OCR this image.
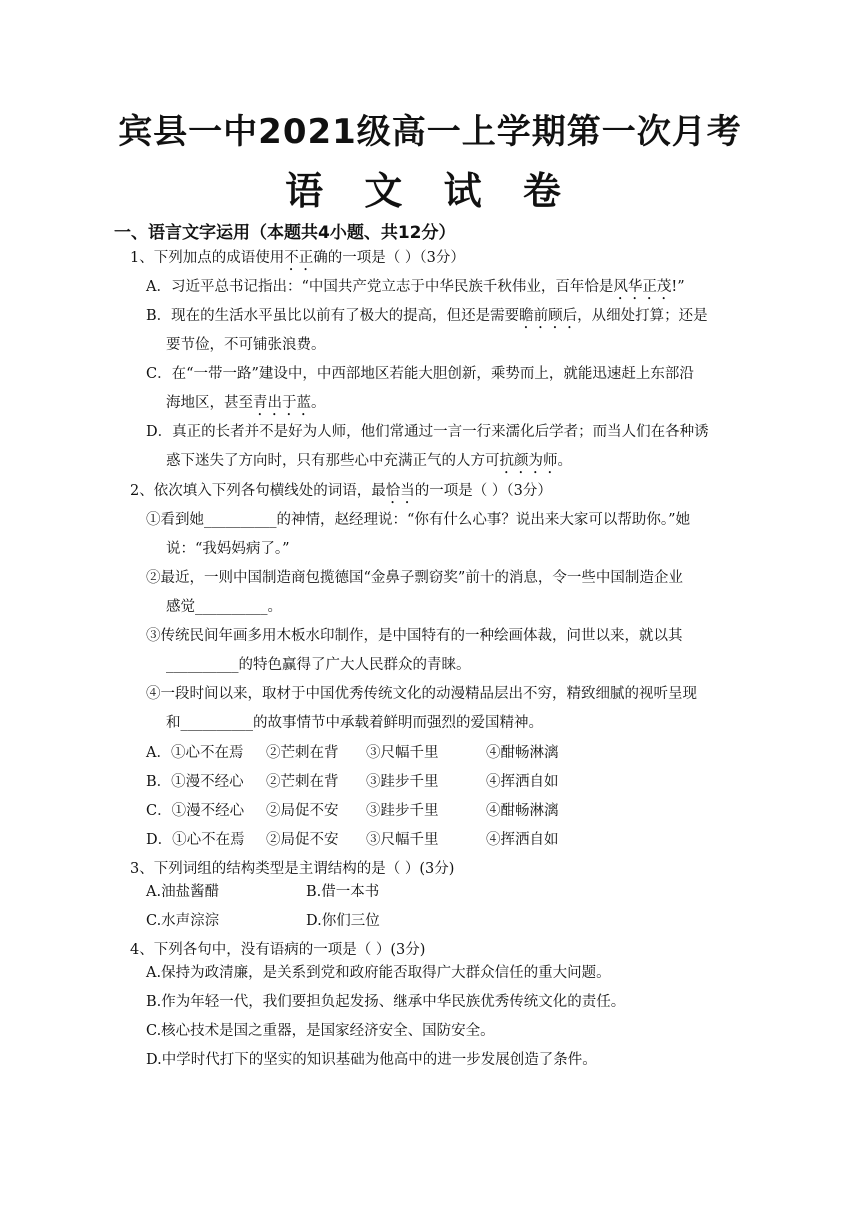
宾县一中2021级高一上学期第一次月考
语 文 试 卷
一、语言文字运用（本题共4小题、共12分）
1、下列加点的成语使用不正确的一项是（ ）（3分）
A．习近平总书记指出：“中国共产党立志于中华民族千秋伟业，百年恰是风华正茂!”
B．现在的生活水平虽比以前有了极大的提高，但还是需要瞻前顾后，从细处打算；还是
要节俭，不可铺张浪费。
C．在“一带一路”建设中，中西部地区若能大胆创新，乘势而上，就能迅速赶上东部沿
海地区，甚至青出于蓝。
D．真正的长者并不是好为人师，他们常通过一言一行来濡化后学者；而当人们在各种诱
惑下迷失了方向时，只有那些心中充满正气的人方可抗颜为师。
2、依次填入下列各句横线处的词语，最恰当的一项是（ ）（3分）
①看到她__________的神情，赵经理说：“你有什么心事？说出来大家可以帮助你。”她
说：“我妈妈病了。”
②最近，一则中国制造商包揽德国“金鼻子剽窃奖”前十的消息，令一些中国制造企业
感觉__________。
③传统民间年画多用木板水印制作，是中国特有的一种绘画体裁，问世以来，就以其
__________的特色赢得了广大人民群众的青睐。
④一段时间以来，取材于中国优秀传统文化的动漫精品层出不穷，精致细腻的视听呈现
和__________的故事情节中承载着鲜明而强烈的爱国精神。
A．①心不在焉 ②芒刺在背 ③尺幅千里	④酣畅淋漓
B．①漫不经心 ②芒刺在背 ③跬步千里	④挥洒自如
C．①漫不经心 ②局促不安 ③跬步千里	④酣畅淋漓
D．①心不在焉 ②局促不安 ③尺幅千里	④挥洒自如
3、下列词组的结构类型是主谓结构的是（ ）(3分)
A.油盐酱醋	B.借一本书
C.水声淙淙	D.你们三位
4、下列各句中，没有语病的一项是（ ）(3分)
A.保持为政清廉，是关系到党和政府能否取得广大群众信任的重大问题。
B.作为年轻一代，我们要担负起发扬、继承中华民族优秀传统文化的责任。
C.核心技术是国之重器，是国家经济安全、国防安全。
D.中学时代打下的坚实的知识基础为他高中的进一步发展创造了条件。
